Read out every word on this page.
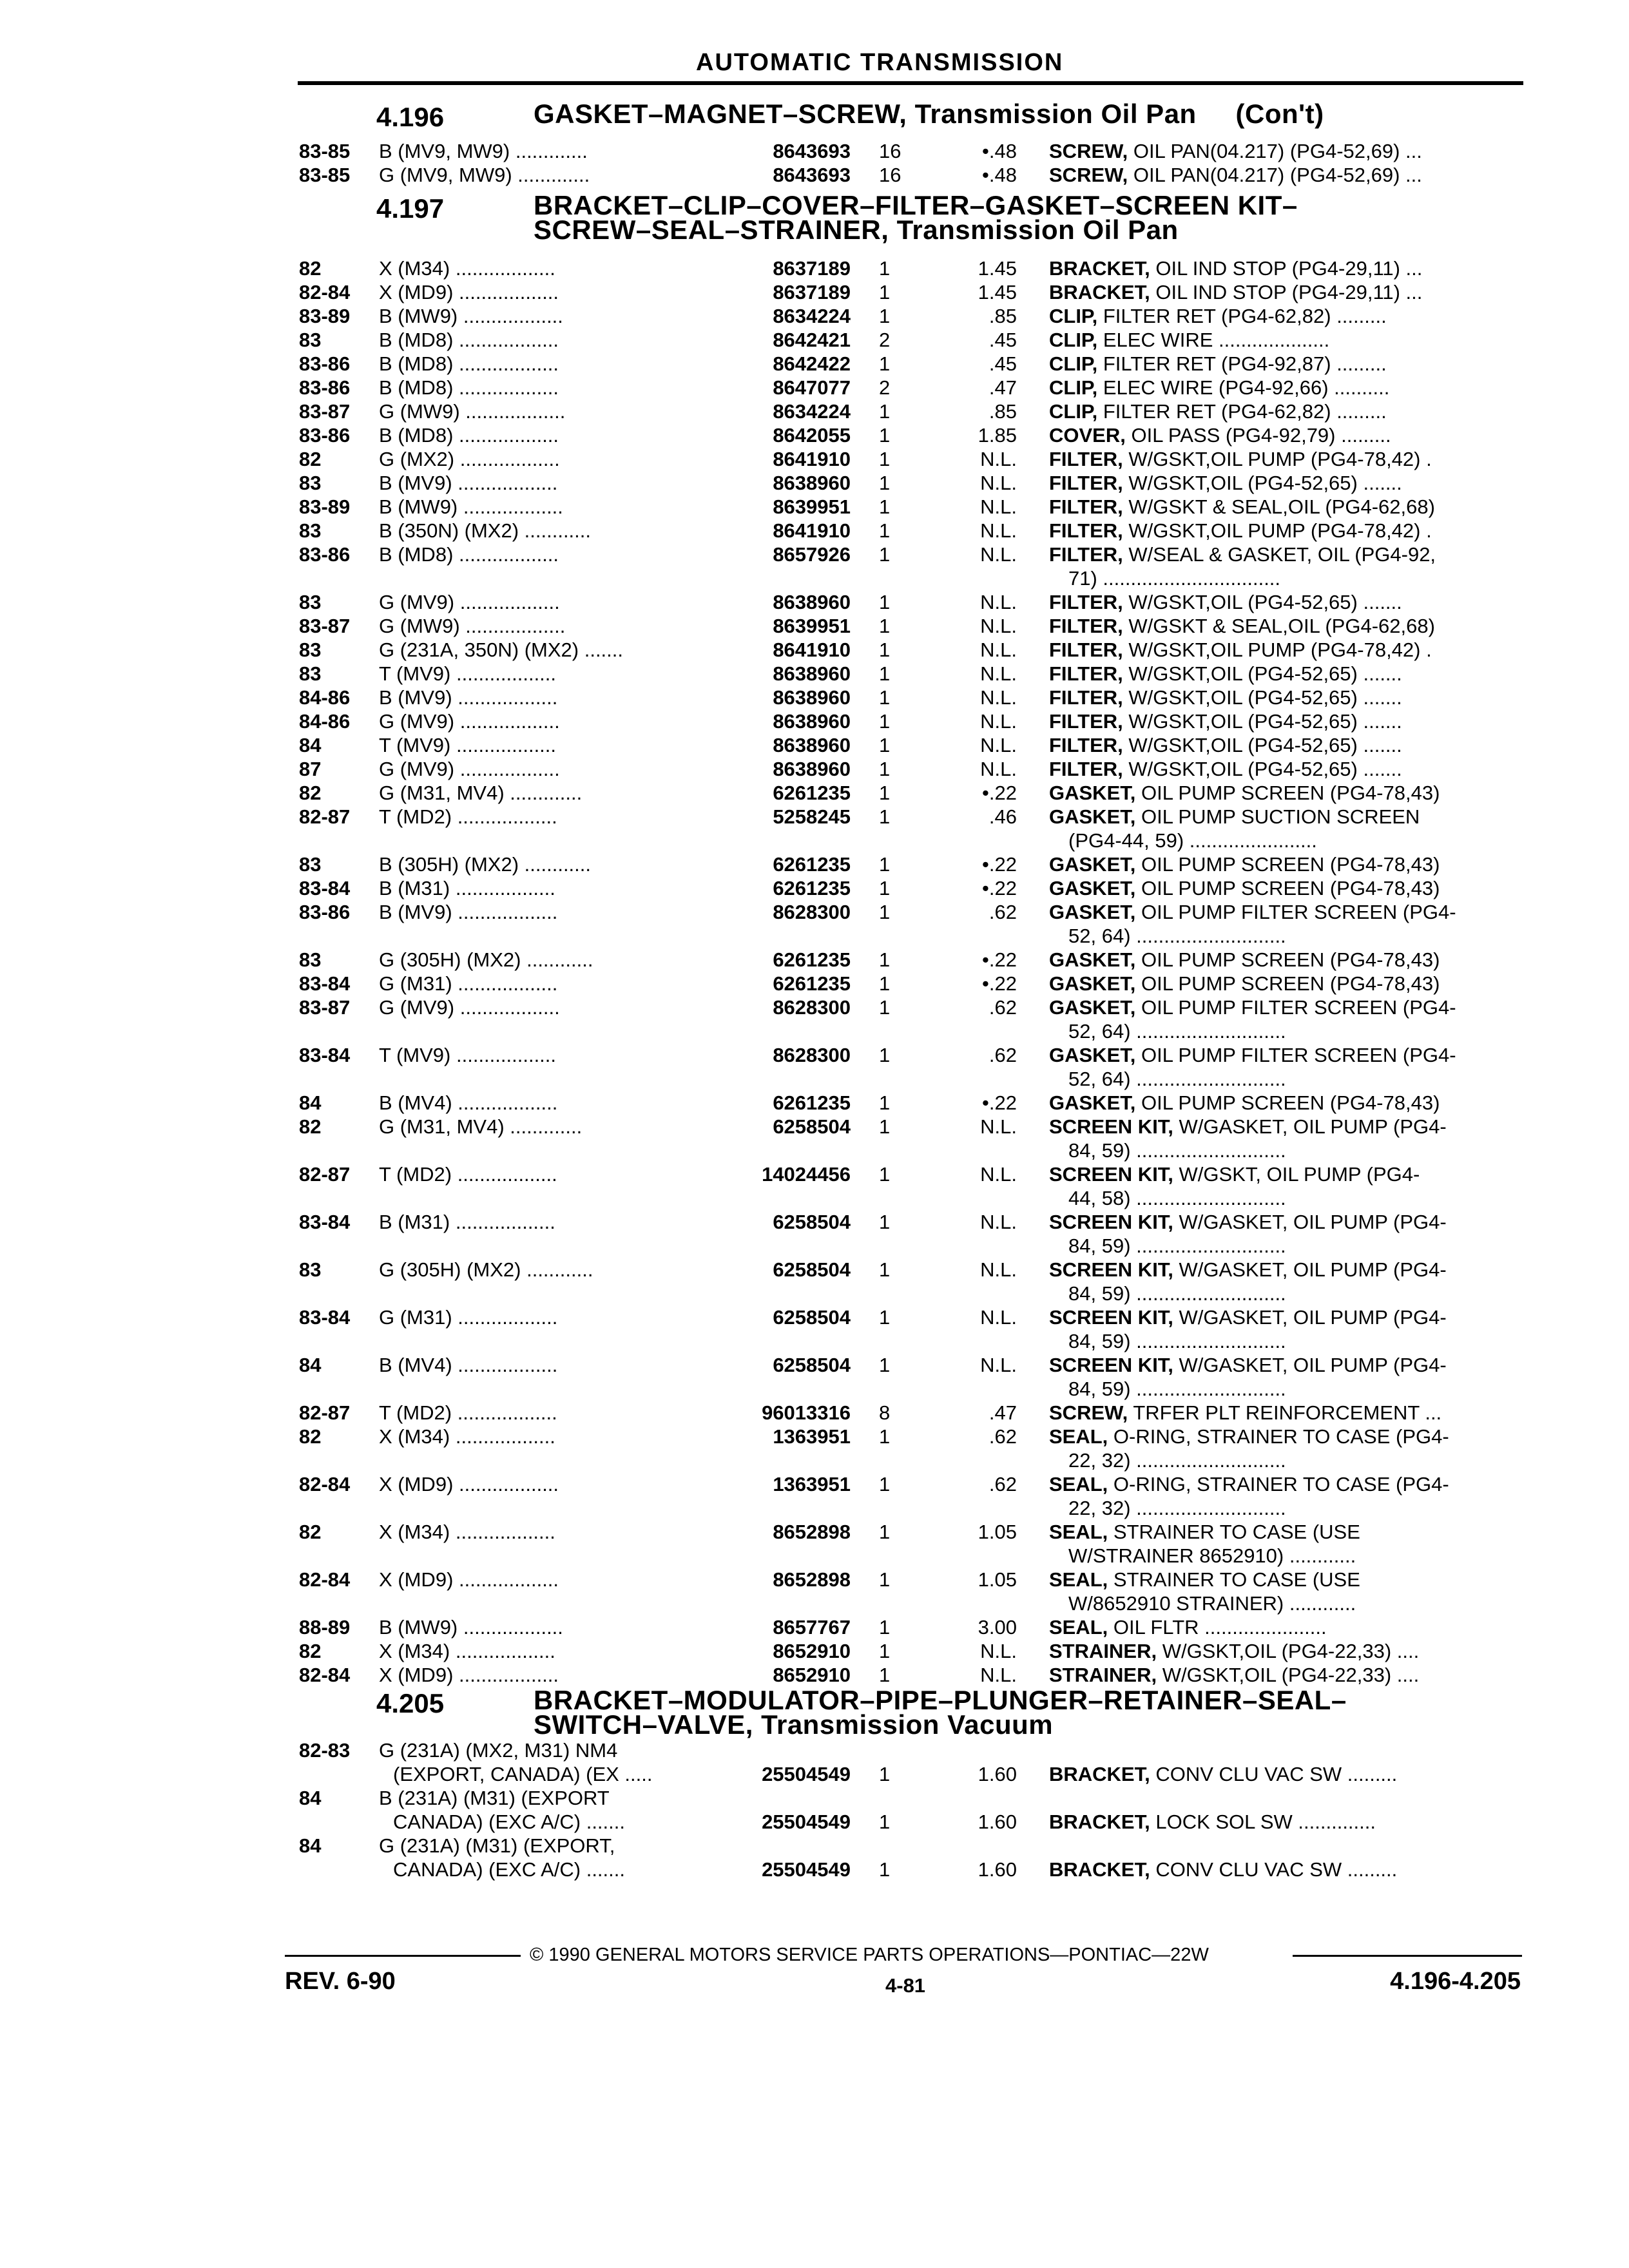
AUTOMATIC TRANSMISSION
4.196	GASKET–MAGNET–SCREW, Transmission Oil Pan     (Con't)
83-85 B (MV9, MW9) .............	8643693 16	•.48 SCREW, OIL PAN(04.217) (PG4-52,69) ...
83-85 G (MV9, MW9) .............	8643693 16	•.48 SCREW, OIL PAN(04.217) (PG4-52,69) ...
4.197	BRACKET–CLIP–COVER–FILTER–GASKET–SCREEN KIT–
SCREW–SEAL–STRAINER, Transmission Oil Pan
82	X (M34) ..................	8637189 1	1.45 BRACKET, OIL IND STOP (PG4-29,11) ...
82-84 X (MD9) ..................	8637189 1	1.45 BRACKET, OIL IND STOP (PG4-29,11) ...
83-89 B (MW9) ..................	8634224 1	.85 CLIP, FILTER RET (PG4-62,82) .........
83	B (MD8) ..................	8642421 2	.45 CLIP, ELEC WIRE ....................
83-86 B (MD8) ..................	8642422 1	.45 CLIP, FILTER RET (PG4-92,87) .........
83-86 B (MD8) ..................	8647077 2	.47 CLIP, ELEC WIRE (PG4-92,66) ..........
83-87 G (MW9) ..................	8634224 1	.85 CLIP, FILTER RET (PG4-62,82) .........
83-86 B (MD8) ..................	8642055 1	1.85 COVER, OIL PASS (PG4-92,79) .........
82	G (MX2) ..................	8641910 1	N.L. FILTER, W/GSKT,OIL PUMP (PG4-78,42) .
83	B (MV9) ..................	8638960 1	N.L. FILTER, W/GSKT,OIL (PG4-52,65) .......
83-89 B (MW9) ..................	8639951 1	N.L. FILTER, W/GSKT & SEAL,OIL (PG4-62,68)
83	B (350N) (MX2) ............	8641910 1	N.L. FILTER, W/GSKT,OIL PUMP (PG4-78,42) .
83-86 B (MD8) ..................	8657926 1	N.L. FILTER, W/SEAL & GASKET, OIL (PG4-92,
71) ................................
83	G (MV9) ..................	8638960 1	N.L. FILTER, W/GSKT,OIL (PG4-52,65) .......
83-87 G (MW9) ..................	8639951 1	N.L. FILTER, W/GSKT & SEAL,OIL (PG4-62,68)
83	G (231A, 350N) (MX2) .......	8641910 1	N.L. FILTER, W/GSKT,OIL PUMP (PG4-78,42) .
83	T (MV9) ..................	8638960 1	N.L. FILTER, W/GSKT,OIL (PG4-52,65) .......
84-86 B (MV9) ..................	8638960 1	N.L. FILTER, W/GSKT,OIL (PG4-52,65) .......
84-86 G (MV9) ..................	8638960 1	N.L. FILTER, W/GSKT,OIL (PG4-52,65) .......
84	T (MV9) ..................	8638960 1	N.L. FILTER, W/GSKT,OIL (PG4-52,65) .......
87	G (MV9) ..................	8638960 1	N.L. FILTER, W/GSKT,OIL (PG4-52,65) .......
82	G (M31, MV4) .............	6261235 1	•.22 GASKET, OIL PUMP SCREEN (PG4-78,43)
82-87 T (MD2) ..................	5258245 1	.46 GASKET, OIL PUMP SUCTION SCREEN
(PG4-44, 59) .......................
83	B (305H) (MX2) ............	6261235 1	•.22 GASKET, OIL PUMP SCREEN (PG4-78,43)
83-84 B (M31) ..................	6261235 1	•.22 GASKET, OIL PUMP SCREEN (PG4-78,43)
83-86 B (MV9) ..................	8628300 1	.62 GASKET, OIL PUMP FILTER SCREEN (PG4-
52, 64) ...........................
83	G (305H) (MX2) ............	6261235 1	•.22 GASKET, OIL PUMP SCREEN (PG4-78,43)
83-84 G (M31) ..................	6261235 1	•.22 GASKET, OIL PUMP SCREEN (PG4-78,43)
83-87 G (MV9) ..................	8628300 1	.62 GASKET, OIL PUMP FILTER SCREEN (PG4-
52, 64) ...........................
83-84 T (MV9) ..................	8628300 1	.62 GASKET, OIL PUMP FILTER SCREEN (PG4-
52, 64) ...........................
84	B (MV4) ..................	6261235 1	•.22 GASKET, OIL PUMP SCREEN (PG4-78,43)
82	G (M31, MV4) .............	6258504 1	N.L. SCREEN KIT, W/GASKET, OIL PUMP (PG4-
84, 59) ...........................
82-87 T (MD2) ..................	14024456 1	N.L. SCREEN KIT, W/GSKT, OIL PUMP (PG4-
44, 58) ...........................
83-84 B (M31) ..................	6258504 1	N.L. SCREEN KIT, W/GASKET, OIL PUMP (PG4-
84, 59) ...........................
83	G (305H) (MX2) ............	6258504 1	N.L. SCREEN KIT, W/GASKET, OIL PUMP (PG4-
84, 59) ...........................
83-84 G (M31) ..................	6258504 1	N.L. SCREEN KIT, W/GASKET, OIL PUMP (PG4-
84, 59) ...........................
84	B (MV4) ..................	6258504 1	N.L. SCREEN KIT, W/GASKET, OIL PUMP (PG4-
84, 59) ...........................
82-87 T (MD2) ..................	96013316 8	.47 SCREW, TRFER PLT REINFORCEMENT ...
82	X (M34) ..................	1363951 1	.62 SEAL, O-RING, STRAINER TO CASE (PG4-
22, 32) ...........................
82-84 X (MD9) ..................	1363951 1	.62 SEAL, O-RING, STRAINER TO CASE (PG4-
22, 32) ...........................
82	X (M34) ..................	8652898 1	1.05 SEAL, STRAINER TO CASE (USE
W/STRAINER 8652910) ............
82-84 X (MD9) ..................	8652898 1	1.05 SEAL, STRAINER TO CASE (USE
W/8652910 STRAINER) ............
88-89 B (MW9) ..................	8657767 1	3.00 SEAL, OIL FLTR ......................
82	X (M34) ..................	8652910 1	N.L. STRAINER, W/GSKT,OIL (PG4-22,33) ....
82-84 X (MD9) ..................	8652910 1	N.L. STRAINER, W/GSKT,OIL (PG4-22,33) ....
4.205	BRACKET–MODULATOR–PIPE–PLUNGER–RETAINER–SEAL–
SWITCH–VALVE, Transmission Vacuum
82-83 G (231A) (MX2, M31) NM4
(EXPORT, CANADA) (EX .....	25504549 1	1.60 BRACKET, CONV CLU VAC SW .........
84	B (231A) (M31) (EXPORT
CANADA) (EXC A/C) .......	25504549 1	1.60 BRACKET, LOCK SOL SW ..............
84	G (231A) (M31) (EXPORT,
CANADA) (EXC A/C) .......	25504549 1	1.60 BRACKET, CONV CLU VAC SW .........
© 1990 GENERAL MOTORS SERVICE PARTS OPERATIONS—PONTIAC—22W
REV. 6-90	4-81	4.196-4.205
